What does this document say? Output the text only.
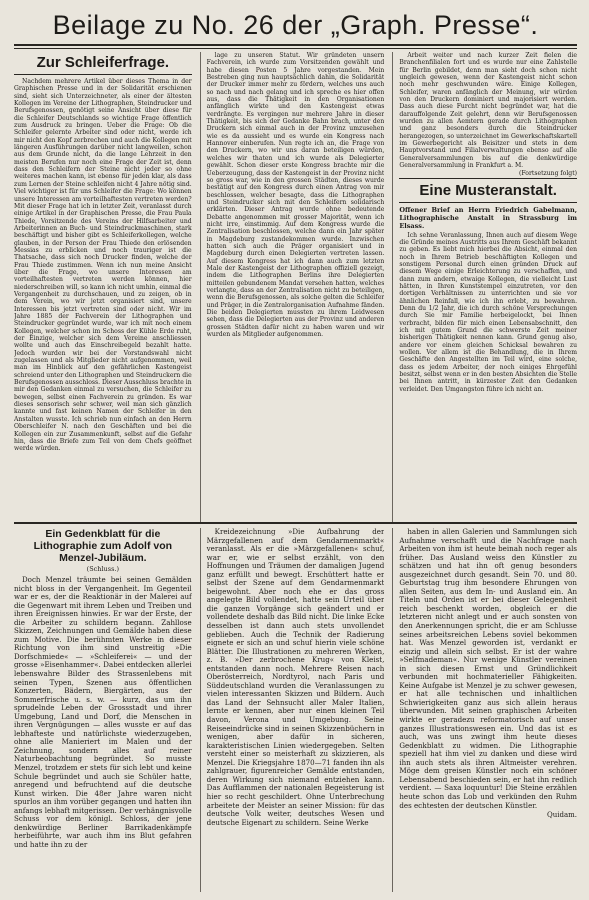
Beilage zu No. 26 der „Graph. Presse“.
Zur Schleiferfrage.

Nachdem mehrere Artikel über dieses Thema in der Graphischen Presse und in der Solidarität erschienen sind, sieht sich Unterzeichneter, als einer der ältesten Kollegen im Vereine der Lithographen, Steindrucker und Berufsgenossen, genötigt seine Ansicht über diese für die Schleifer Deutschlands so wichtige Frage öffentlich zum Ausdruck zu bringen. Ueber die Frage: Ob die Schleifer gelernte Arbeiter sind oder nicht, werde ich mir nicht den Kopf zerbrechen und auch die Kollegen mit längeren Ausführungen darüber nicht langweilen, schon aus dem Grunde nicht, da die lange Lehrzeit in den meisten Berufen nur noch eine Frage der Zeit ist, denn dass den Schleifern der Steine nicht jeder so ohne weiteres machen kann, ist ebenso für jeden klar, als dass zum Lernen der Steine schleifen nicht 4 Jahre nötig sind. Viel wichtiger ist für uns Schleifer die Frage: Wo können unsere Interessen am vorteilhaftesten vertreten werden? Mit dieser Frage hat ich in letzter Zeit, veranlasst durch einige Artikel in der Graphischen Presse, die Frau Paula Thiede, Vorsitzende des Vereins der Hilfsarbeiter und Arbeiterinnen an Buch- und Steindruckmaschinen, stark beschäftigt und bisher gibt es Schleiferkollegen, welche glauben, in der Person der Frau Thiede den erlösenden Messias zu erblicken und noch trauriger ist die Thatsache, dass sich noch Drucker finden, welche der Frau Thiede zustimmen. Wenn ich nun meine Ansicht über die Frage, wo unsere Interessen am vorteilhaftesten vertreten werden können, hier niederschreiben will, so kann ich nicht umhin, einmal die Vergangenheit zu durchschauen, und zu zeigen, ob in dem Verein, wo wir jetzt organisiert sind, unsere Interessen bis jetzt vertreten sind oder nicht. Wir im Jahre 1885 der Fachverein der Lithographen und Steindrucker gegründet wurde, war ich mit noch einem Kollegen, welcher schon im Schoss der Kühle Erde ruht, der Einzige, welcher sich dem Vereine anschliessen wollte und auch das Einschreibegeld bezahlt hatte. Jedoch wurden wir bei der Vorstandswahl nicht zugelassen und als Mitglieder nicht aufgenommen, weil man im Hinblick auf den gefährlichen Kastengeist schreiend unter den Lithographen und Steindruckern die Berufsgenossen ausschloss. Dieser Ausschluss brachte in mir den Gedanken einmal zu versuchen, die Schleifer zu bewegen, selbst einen Fachverein zu gründen. Es war dieses sensorisch sehr schwer, weil man sich gänzlich kannte und fast keinen Namen der Schleifer in den Anstalten wusste. Ich schrieb nun einfach an den Herrn Oberschleifer N. nach den Geschäften und bei die Kollegen ein zur Zusammenkunft, selbst auf die Gefahr hin, dass die Briefe zum Teil von dem Chefs geöffnet werde würden.

lage zu unseren Statut. Wir gründeten unsern Fachverein, ich wurde zum Vorsitzenden gewählt und habe diesen Posten 5 Jahre vorgestanden. Mein Bestreben ging nun hauptsächlich dahin, die Solidarität der Drucker immer mehr zu fördern, welches uns auch so nach und nach gelang und ich spreche es hier offen aus, dass die Thätigkeit in den Organisationen anfänglich wirkte und den Kastengeist etwas verdrängte. Es vergingen nur mehrere Jahre in dieser Thätigkeit, bis sich der Gedanke Bahn brach, unter den Druckern sich einmal auch in der Provinz umzusehen wie es da aussieht und es wurde ein Kongress nach Hannover einberufen. Nun regte ich an, die Frage von den Druckern, wo wir uns daran beteiligen würden, welches wir thaten und ich wurde als Delegierter gewählt. Schon dieser erste Kongress brachte mir die Ueberzeugung, dass der Kastengeist in der Provinz nicht so gross war, wie in den grossen Städten, dieses wurde bestätigt auf den Kongress durch einen Antrag von mir beschlossen, welcher besagte, dass die Lithographen und Steindrucker sich mit den Schleifern solidarisch erklärten. Dieser Antrag wurde ohne bedeutende Debatte angenommen mit grosser Majorität, wenn ich nicht irre, einstimmig. Auf dem Kongress wurde die Zentralisation beschlossen, welche dann ein Jahr später in Magdeburg zustandekommen wurde. Inzwischen hatten sich auch die Präger organisiert und in Magdeburg durch einen Delegierten vertreten lassen. Auf diesem Kongress hat ich dann auch zum letzten Male der Kastengeist der Lithographen offiziell gezeigt, indem die Lithographen Berlins ihre Delegierten mitteilen gebundenem Mandat versehen hatten, welches verlangte, dass an der Zentralisation nicht zu beteiligen, wenn die Berufsgenossen, als solche gelten die Schleifer und Präger, in die Zentralorganisation Aufnahme fänden. Die beiden Delegierten mussten zu ihrem Leidwesen sehen, dass die Delegierten aus der Provinz und anderen grossen Städten dafür nicht zu haben waren und wir wurden als Mitglieder aufgenommen.

Arbeit weiter und nach kurzer Zeit fielen die Branchenfilialen fort und es wurde nur eine Zahlstelle für Berlin gebildet, denn man sieht doch schon nicht ungleich gewesen, wenn der Kastengeist nicht schon noch mehr geschwunden wäre. Einige Kollegen, Schleifer, waren anfänglich der Meinung, wir würden von den Druckern dominiert und majorisiert werden. Dass auch diese Furcht nicht begründet war, hat die darauffolgende Zeit gelehrt, denn wir Berufsgenossen wurden zu allen Aemtern gerade durch Lithographen und ganz besonders durch die Steindrucker herangezogen, so unterzeichnet im Gewerkschaftskartell im Gewerbegericht als Beisitzer und stets in dem Hauptvorstand und Filialverwaltungen ebenso auf alle Generalversammlungen bis auf die denkwürdige Generalversammlung in Frankfurt a. M.

(Fortsetzung folgt)
Eine Musteranstalt.

Offener Brief an Herrn Friedrich Gabelmann, Lithographische Anstalt in Strassburg im Elsass.

Ich sehne Veranlassung, Ihnen auch auf diesem Wege die Gründe meines Austritts aus Ihrem Geschäft bekannt zu geben. Es liebt mich hierbei die Absicht, einmal den noch in Ihrem Betrieb beschäftigten Kollegen und sonstigem Personal durch einen gründen Druck auf diesem Wege einige Erleichterung zu verschaffen, und dann zum andern, etwaige Kollegen, die vielleicht Lust hätten, in Ihren Kunststempel einzutreten, vor den dortigen Verhältnissen zu unterrichten und sie vor ähnlichen Reinfall, wie ich ihn erlebt, zu bewahren. Denn du 1/2 Jahr, die ich durch schöne Versprechungen durch Sie mir Familie herbeigelockt, bei Ihnen verbracht, bilden für mich einen Lebensabschnitt, den ich mit gutem Grund die schwerste Zeit meiner bisherigen Thätigkeit nennen kann. Grund genug also, andere vor einem gleichen Schicksal bewahren zu wollen. Vor allem ist die Behandlung, die in Ihrem Geschäfte den Angestellten im Teil wird, eine solche, dass es jedem Arbeiter, der noch einiges Ehrgefühl besitzt, selbst wenn er in den besten Absichten die Stelle bei Ihnen antritt, in kürzester Zeit den Gedanken verleidet. Den Umgangston führe ich nicht an.

Ein Gedenkblatt für die Lithographie zum Adolf von Menzel-Jubiläum.
(Schluss.)

Doch Menzel träumte bei seinen Gemälden nicht bloss in der Vergangenheit. Im Gegenteil war er es, der die Reaktionär in der Malerei auf die Gegenwart mit ihrem Leben und Treiben und ihren Ereignissen hinwies. Er war der Erste, der die Arbeiter zu schildern begann. Zahllose Skizzen, Zeichnungen und Gemälde haben diese zum Motive. Die berühmten Werke in dieser Richtung von ihm sind unstreitig »Die Dorfschmiede« — »Schleiferei« — und der grosse »Eisenhammer«. Dabei entdecken allerlei lebenswahre Bilder des Strassenlebens mit seinen Typen, Szenen aus öffentlichen Konzerten, Bädern, Biergärten, aus der Sommerfrische u. s. w. — kurz, das um ihn sprudelnde Leben der Grossstadt und ihrer Umgebung, Land und Dorf, die Menschen in ihren Vergnügungen — alles wusste er auf das lebhafteste und natürlichste wiederzugeben, ohne alle Manieriert im Malen und der Zeichnung, sondern alles auf reiner Naturbeobachtung begründet. So musste Menzel, trotzdem er stets für sich lebt und keine Schule begründet und auch sie Schüler hatte, anregend und befruchtend auf die deutsche Kunst wirken. Die 48er Jahre waren nicht spurlos an ihm vorüber gegangen und hatten ihn anfangs lebhaft mitgerissen. Der verhängnisvolle Schuss vor dem königl. Schloss, der jene denkwürdige Berliner Barrikadenkämpfe herbeiführte, war auch ihm ins Blut gefahren und hatte ihn zu der

Kreidezeichnung »Die Aufbahrung der Märzgefallenen auf dem Gendarmenmarkt« veranlasst. Als er die »Märzgefallenen« schuf, war er, wie er selbst erzählt, von den Hoffnungen und Träumen der damaligen Jugend ganz erfüllt und bewegt. Erschüttert hatte er selbst der Szene auf dem Gendarmenmarkt beigewohnt. Aber noch ehe er das gross angelegte Bild vollendet, hatte sein Urteil über die ganzen Vorgänge sich geändert und er vollendete deshalb das Bild nicht. Die linke Ecke desselben ist dann auch stets unvollendet geblieben. Auch die Technik der Radierung eignete er sich an und schuf hierin viele schöne Blätter. Die Illustrationen zu mehreren Werken, z. B. »Der zerbrochene Krug« von Kleist, entstanden dann noch. Mehrere Reisen nach Oberösterreich, Nordtyrol, nach Paris und Süddeutschland wurden die Veranlassungen zu vielen interessanten Skizzen und Bildern. Auch das Land der Sehnsucht aller Maler Italien, lernte er kennen, aber nur einen kleinen Teil davon, Verona und Umgebung. Seine Reiseeindrücke sind in seinen Skizzenbüchern in wenigen, aber dafür in sicheren, karakteristischen Linien wiedergegeben. Selten versteht einer so meisterhaft zu skizzieren, als Menzel. Die Kriegsjahre 1870—71 fanden ihn als zahlgrauer, figurenreicher Gemälde entstanden, deren Wirkung sich niemand entziehen kann. Das Aufflammen der nationalen Begeisterung ist hier so recht geschildert. Ohne Unterbrechung arbeitete der Meister an seiner Mission: für das deutsche Volk weiter, deutsches Wesen und deutsche Eigenart zu schildern. Seine Werke

haben in allen Galerien und Sammlungen sich Aufnahme verschafft und die Nachfrage nach Arbeiten von ihm ist heute beinah noch reger als früher. Das Ausland weiss den Künstler zu schätzen und hat ihn oft genug besonders ausgezeichnet durch gesandt. Sein 70. und 80. Geburtstag trug ihm besondere Ehrungen von allen Seiten, aus dem In- und Ausland ein. An Titeln und Orden ist er bei dieser Gelegenheit reich beschenkt worden, obgleich er die letzteren nicht anlegt und er auch sonsten von den Anerkennungen spricht, die er am Schlusse seines arbeitsreichen Lebens soviel bekommen hat. Was Menzel geworden ist, verdankt er einzig und allein sich selbst. Er ist der wahre »Selfmademan«. Nur wenige Künstler vereinen in sich diesen Ernst und Gründlichkeit verbunden mit hochmaterieller Fähigkeiten. Keine Aufgabe ist Menzel je zu schwer gewesen, er hat alle technischen und inhaltlichen Schwierigkeiten ganz aus sich allein heraus überwunden. Mit seinen graphischen Arbeiten wirkte er geradezu reformatorisch auf unser ganzes Illustrationswesen ein. Und das ist es auch, was uns zwingt ihm heute dieses Gedenkblatt zu widmen. Die Lithographie speziell hat ihm viel zu danken und diese wird ihn auch stets als ihren Altmeister verehren. Möge dem greisen Künstler noch ein schöner Lebensabend beschieden sein, er hat ihn redlich verdient. — Saxa loquuntur! Die Steine erzählen heute schon das Lob und verkünden den Ruhm des echtesten der deutschen Künstler.

Quidam.
